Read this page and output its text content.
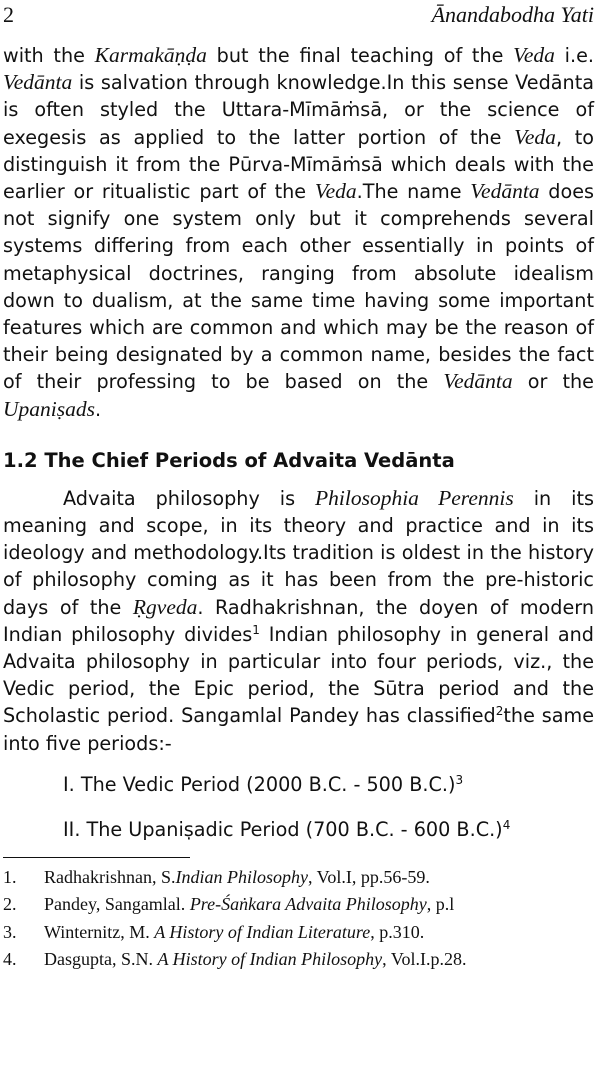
2	Ānandabodha Yati

with the Karmakāṇḍa but the final teaching of the Veda i.e. Vedānta is salvation through knowledge.In this sense Vedānta is often styled the Uttara-Mīmāṁsā, or the science of exegesis as applied to the latter portion of the Veda, to distinguish it from the Pūrva-Mīmāṁsā which deals with the earlier or ritualistic part of the Veda.The name Vedānta does not signify one system only but it comprehends several systems differing from each other essentially in points of metaphysical doctrines, ranging from absolute idealism down to dualism, at the same time having some important features which are common and which may be the reason of their being designated by a common name, besides the fact of their professing to be based on the Vedānta or the Upaniṣads.

1.2 The Chief Periods of Advaita Vedānta

Advaita philosophy is Philosophia Perennis in its meaning and scope, in its theory and practice and in its ideology and methodology.Its tradition is oldest in the history of philosophy coming as it has been from the pre-historic days of the Ṛgveda. Radhakrishnan, the doyen of modern Indian philosophy divides$^1$ Indian philosophy in general and Advaita philosophy in particular into four periods, viz., the Vedic period, the Epic period, the Sūtra period and the Scholastic period. Sangamlal Pandey has classified$^2$the same into five periods:-

I. The Vedic Period (2000 B.C. - 500 B.C.)$^3$
II. The Upaniṣadic Period (700 B.C. - 600 B.C.)$^4$
1.	Radhakrishnan, S.Indian Philosophy, Vol.I, pp.56-59.
2.	Pandey, Sangamlal. Pre-Śaṅkara Advaita Philosophy, p.l
3.	Winternitz, M. A History of Indian Literature, p.310.
4.	Dasgupta, S.N. A History of Indian Philosophy, Vol.I.p.28.
